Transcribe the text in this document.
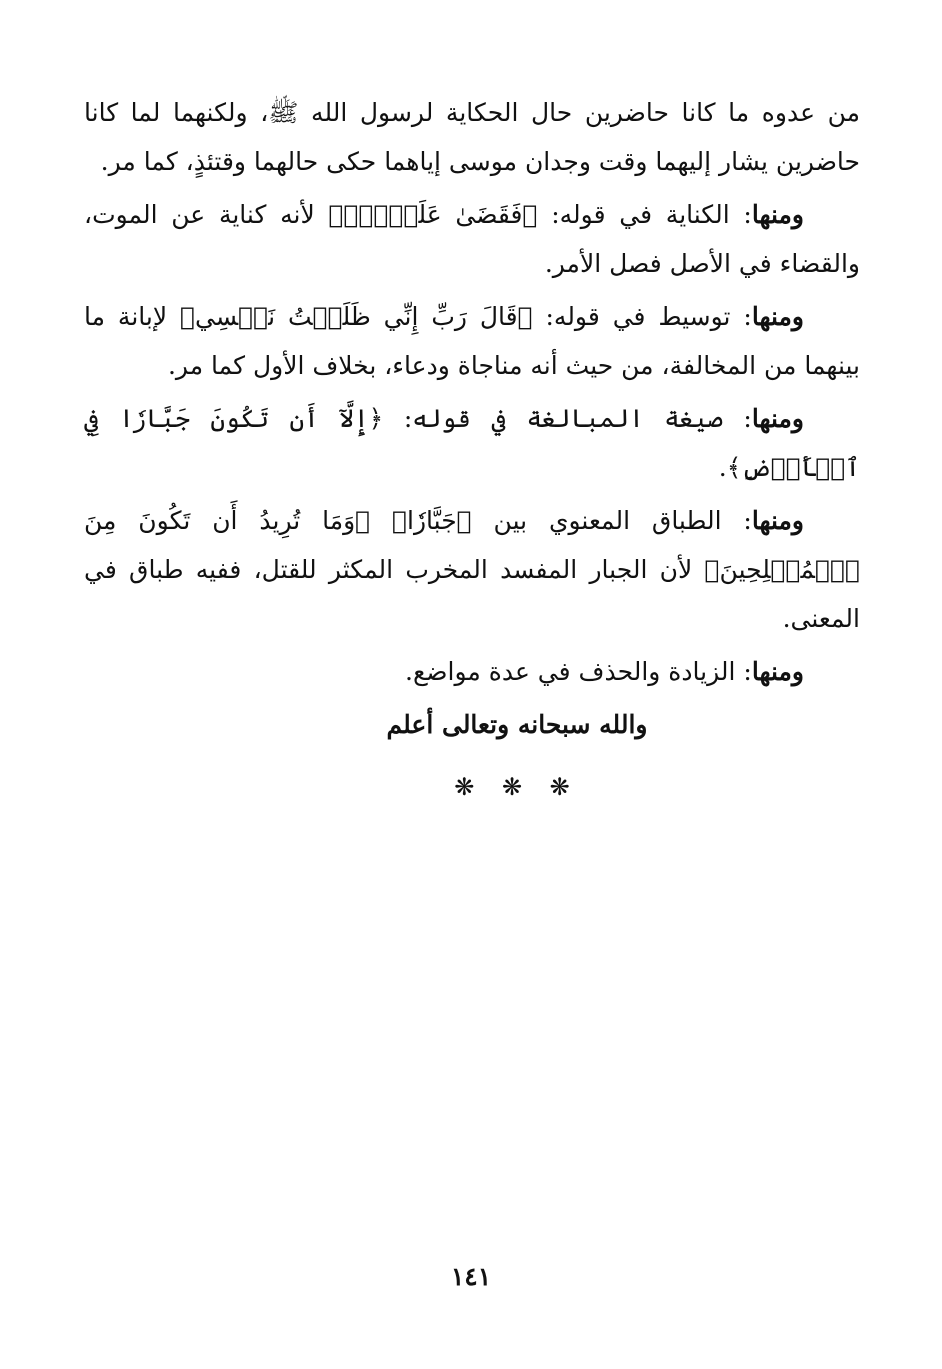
من عدوه ما كانا حاضرين حال الحكاية لرسول الله ﷺ، ولكنهما لما كانا حاضرين يشار إليهما وقت وجدان موسى إياهما حكى حالهما وقتئذٍ، كما مر.

ومنها: الكناية في قوله: ﴿فَقَضَىٰ عَلَيۡهِۖ﴾ لأنه كناية عن الموت، والقضاء في الأصل فصل الأمر.

ومنها: توسيط في قوله: ﴿قَالَ رَبِّ إِنِّي ظَلَمۡتُ نَفۡسِي﴾ لإبانة ما بينهما من المخالفة، من حيث أنه مناجاة ودعاء، بخلاف الأول كما مر.

ومنها: صيغة المبالغة في قوله: ﴿إِلَّآ أَن تَكُونَ جَبَّارٗا فِي ٱلۡأَرۡضِ﴾.

ومنها: الطباق المعنوي بين ﴿جَبَّارٗا﴾ ﴿وَمَا تُرِيدُ أَن تَكُونَ مِنَ ٱلۡمُصۡلِحِينَ﴾ لأن الجبار المفسد المخرب المكثر للقتل، ففيه طباق في المعنى.

ومنها: الزيادة والحذف في عدة مواضع.

والله سبحانه وتعالى أعلم

❋ ❋ ❋
١٤١
